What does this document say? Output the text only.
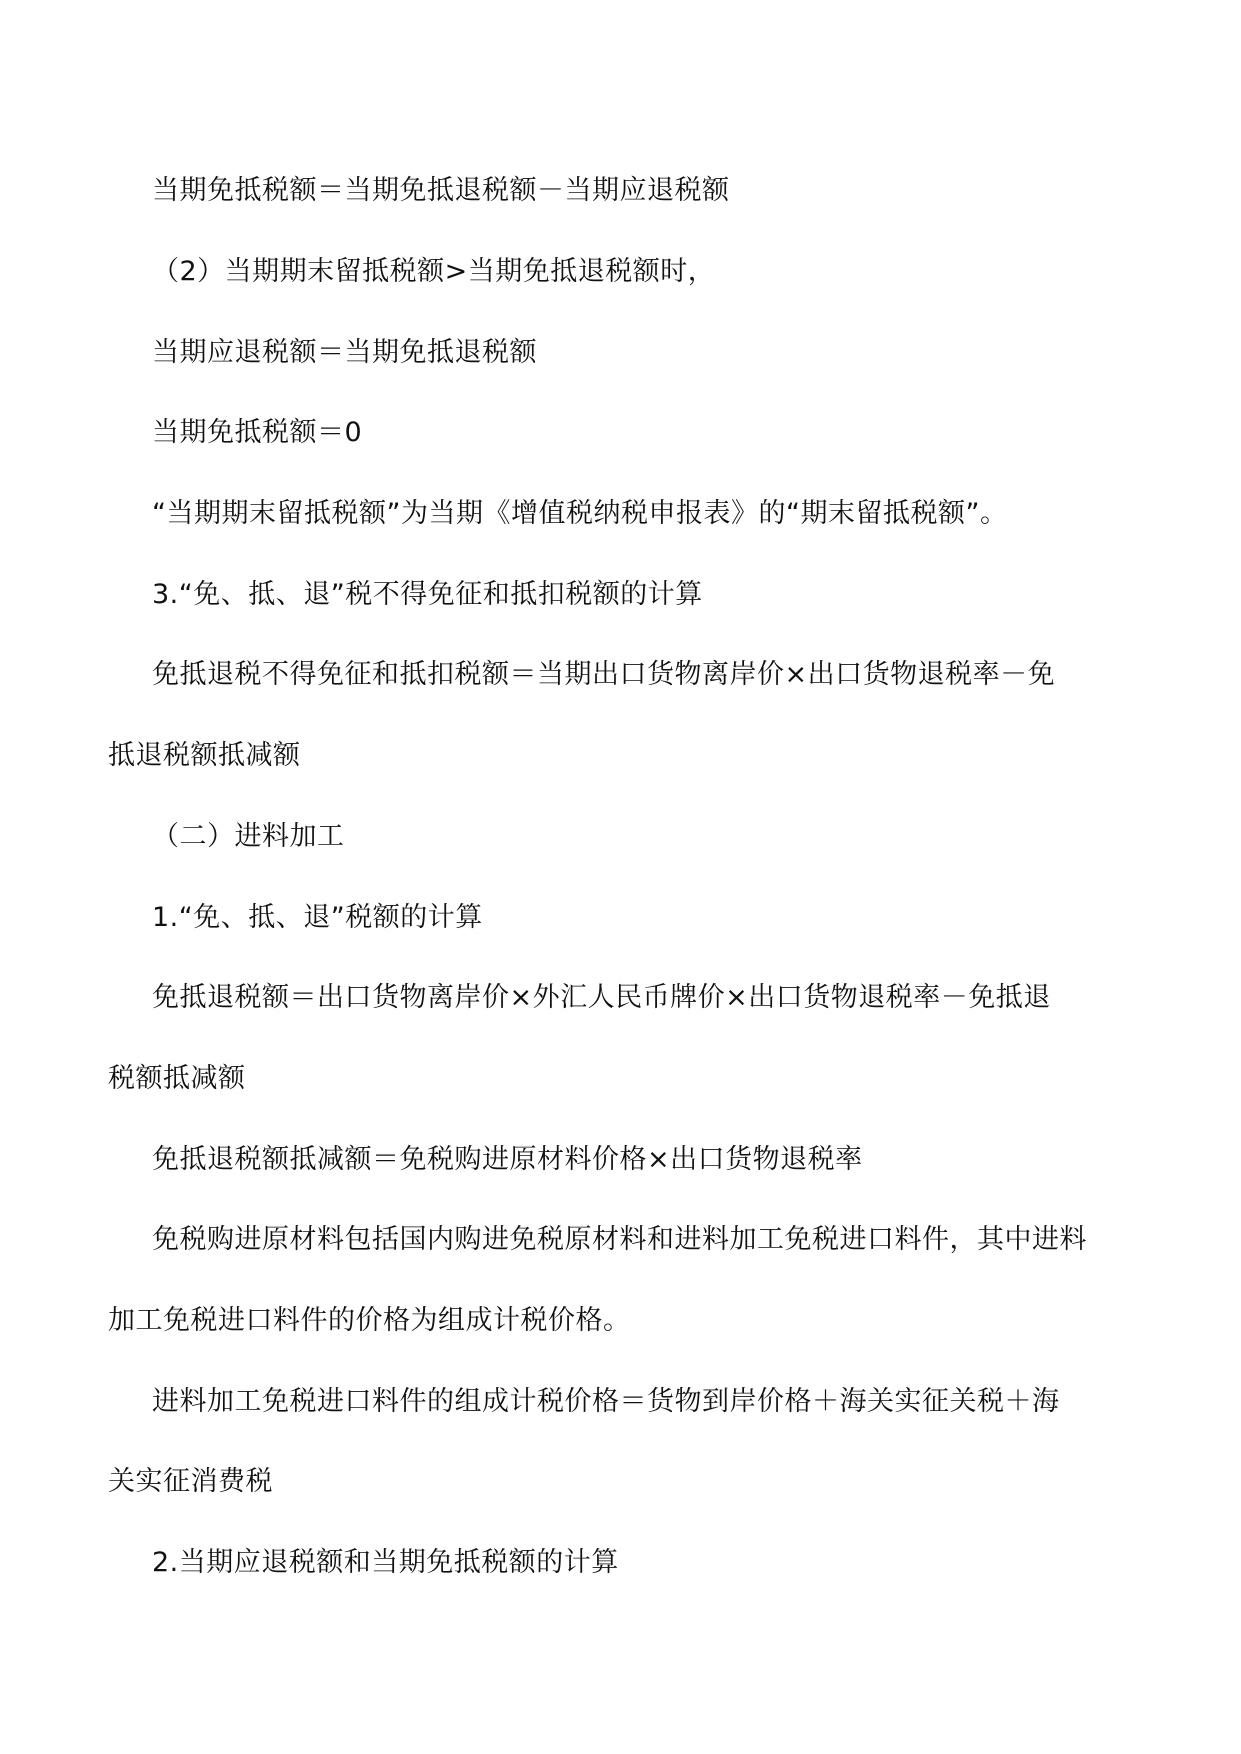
当期免抵税额＝当期免抵退税额－当期应退税额
（2）当期期末留抵税额>当期免抵退税额时，
当期应退税额＝当期免抵退税额
当期免抵税额＝0
“当期期末留抵税额”为当期《增值税纳税申报表》的“期末留抵税额”。
3.“免、抵、退”税不得免征和抵扣税额的计算
免抵退税不得免征和抵扣税额＝当期出口货物离岸价×出口货物退税率－免
抵退税额抵减额
（二）进料加工
1.“免、抵、退”税额的计算
免抵退税额＝出口货物离岸价×外汇人民币牌价×出口货物退税率－免抵退
税额抵减额
免抵退税额抵减额＝免税购进原材料价格×出口货物退税率
免税购进原材料包括国内购进免税原材料和进料加工免税进口料件，其中进料
加工免税进口料件的价格为组成计税价格。
进料加工免税进口料件的组成计税价格＝货物到岸价格＋海关实征关税＋海
关实征消费税
2.当期应退税额和当期免抵税额的计算
